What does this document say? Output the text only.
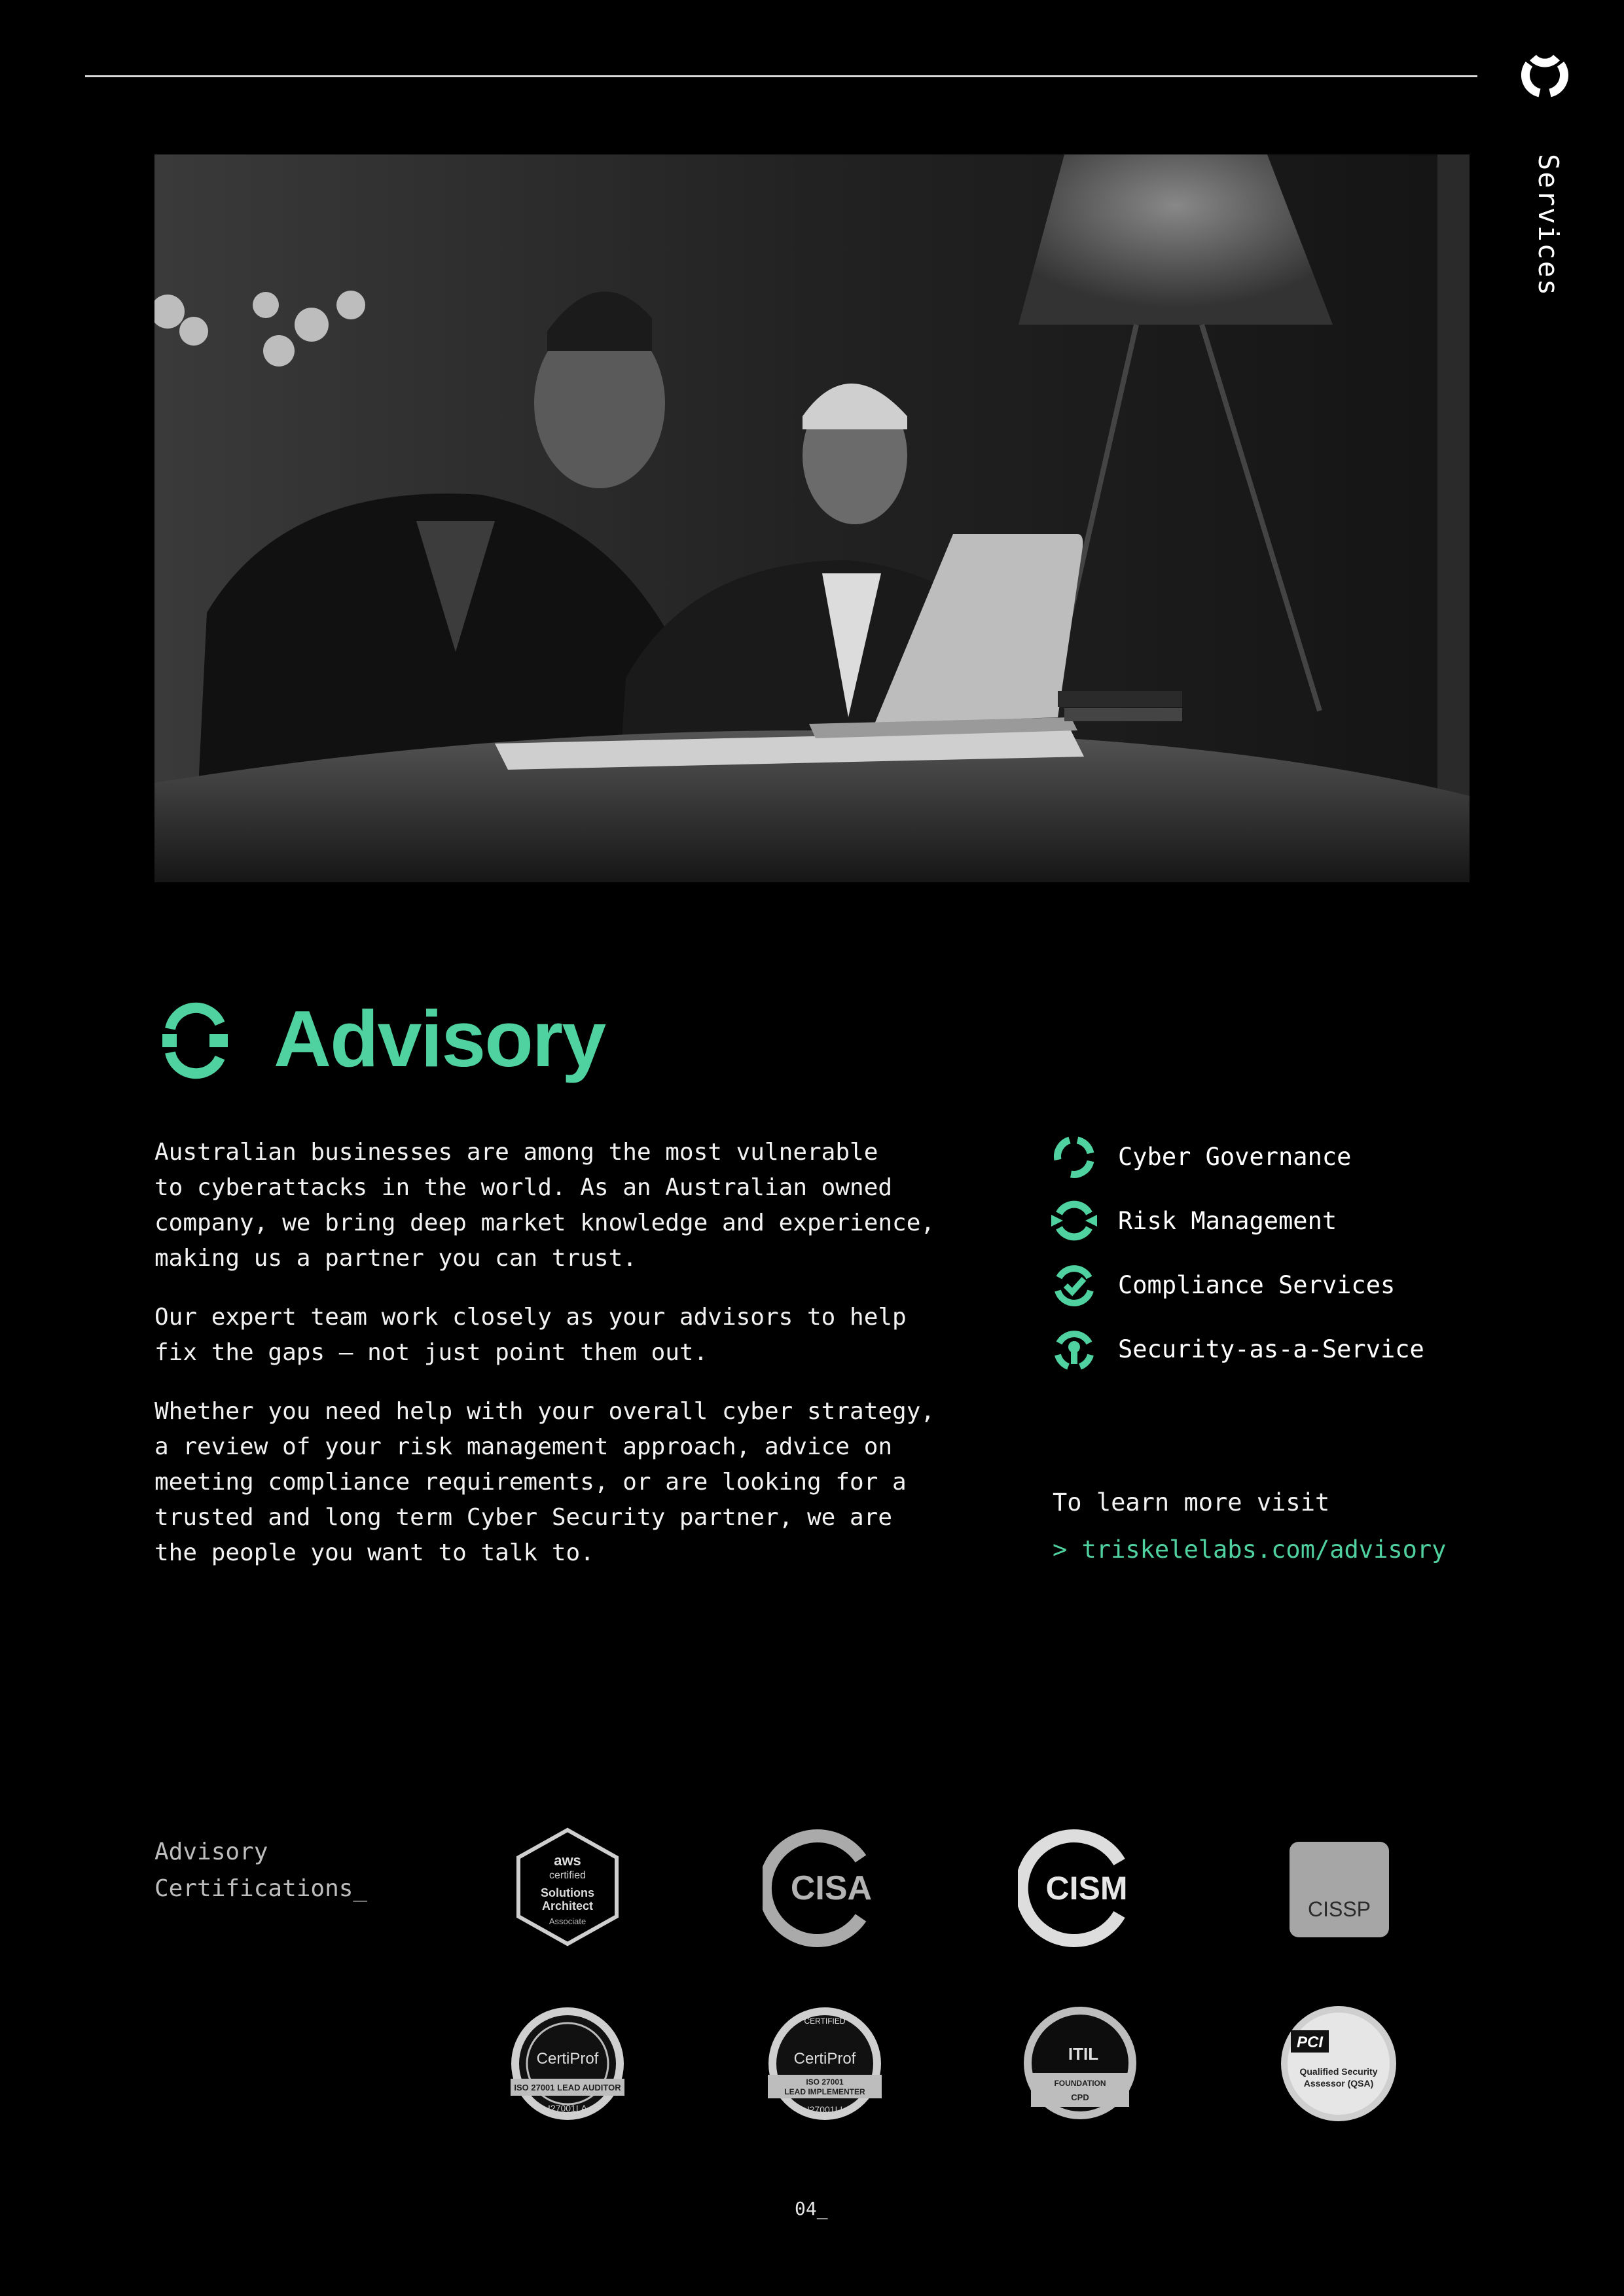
Services
Advisory

Australian businesses are among the most vulnerable
to cyberattacks in the world. As an Australian owned
company, we bring deep market knowledge and experience,
making us a partner you can trust.

Our expert team work closely as your advisors to help
fix the gaps – not just point them out.

Whether you need help with your overall cyber strategy,
a review of your risk management approach, advice on
meeting compliance requirements, or are looking for a
trusted and long term Cyber Security partner, we are
the people you want to talk to.

Cyber Governance
Risk Management
Compliance Services
Security-as-a-Service
To learn more visit
> triskelelabs.com/advisory
Advisory
Certifications_
aws
certified
Solutions
Architect
Associate
CISA	CISM
CISSP
CertiProf
ISO 27001 LEAD AUDITOR
I27001LA
CERTIFIED
CertiProf
ISO 27001
LEAD IMPLEMENTER
I27001LI
ITIL
FOUNDATION
CPD
PCI
Qualified Security
Assessor (QSA)
04_
